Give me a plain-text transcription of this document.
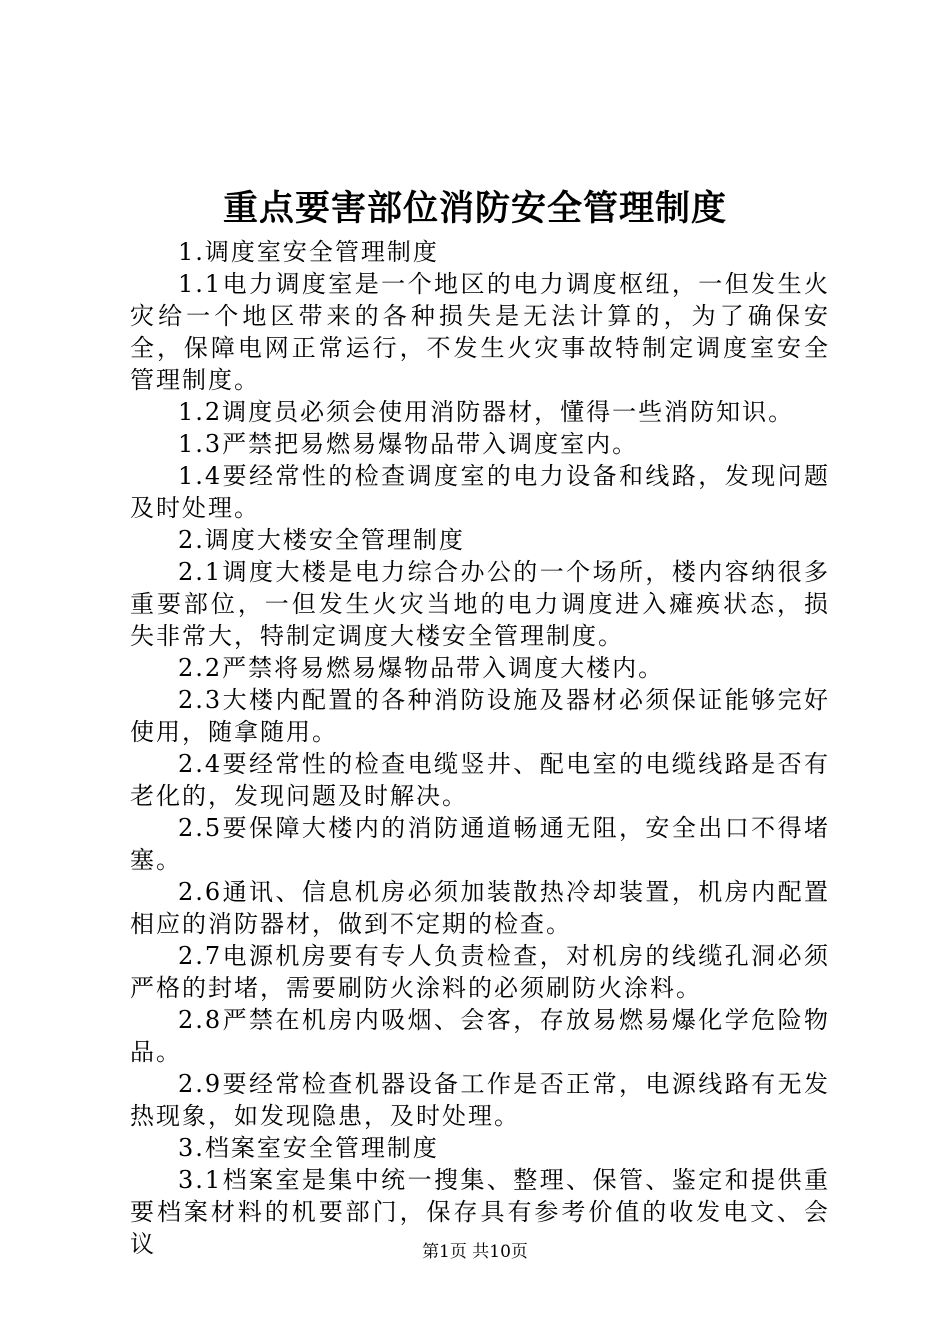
重点要害部位消防安全管理制度

1.调度室安全管理制度

1.1电力调度室是一个地区的电力调度枢纽，一但发生火灾给一个地区带来的各种损失是无法计算的，为了确保安全，保障电网正常运行，不发生火灾事故特制定调度室安全管理制度。

1.2调度员必须会使用消防器材，懂得一些消防知识。

1.3严禁把易燃易爆物品带入调度室内。

1.4要经常性的检查调度室的电力设备和线路，发现问题及时处理。

2.调度大楼安全管理制度

2.1调度大楼是电力综合办公的一个场所，楼内容纳很多重要部位，一但发生火灾当地的电力调度进入瘫痪状态，损失非常大，特制定调度大楼安全管理制度。

2.2严禁将易燃易爆物品带入调度大楼内。

2.3大楼内配置的各种消防设施及器材必须保证能够完好使用，随拿随用。

2.4要经常性的检查电缆竖井、配电室的电缆线路是否有老化的，发现问题及时解决。

2.5要保障大楼内的消防通道畅通无阻，安全出口不得堵塞。

2.6通讯、信息机房必须加装散热冷却装置，机房内配置相应的消防器材，做到不定期的检查。

2.7电源机房要有专人负责检查，对机房的线缆孔洞必须严格的封堵，需要刷防火涂料的必须刷防火涂料。

2.8严禁在机房内吸烟、会客，存放易燃易爆化学危险物品。

2.9要经常检查机器设备工作是否正常，电源线路有无发热现象，如发现隐患，及时处理。

3.档案室安全管理制度

3.1档案室是集中统一搜集、整理、保管、鉴定和提供重要档案材料的机要部门，保存具有参考价值的收发电文、会议	第1页 共10页
